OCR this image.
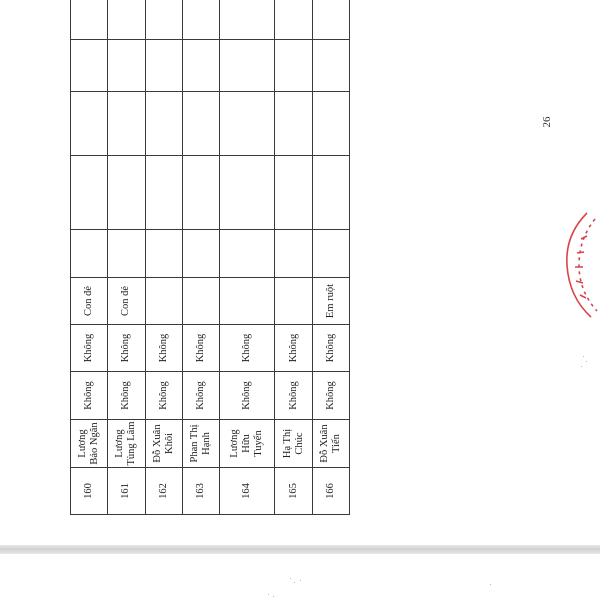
160	Lương Bảo Ngân	Không	Không	Con đẻ						
161	Lương Tùng Lâm	Không	Không	Con đẻ						
162	Đỗ Xuân Khôi	Không	Không							
163	Phan Thị Hạnh	Không	Không							
164	Lương Hữu Tuyển	Không	Không							
165	Hạ Thị Chúc	Không	Không							
166	Đỗ Xuân Tiến	Không	Không	Em ruột						
26
